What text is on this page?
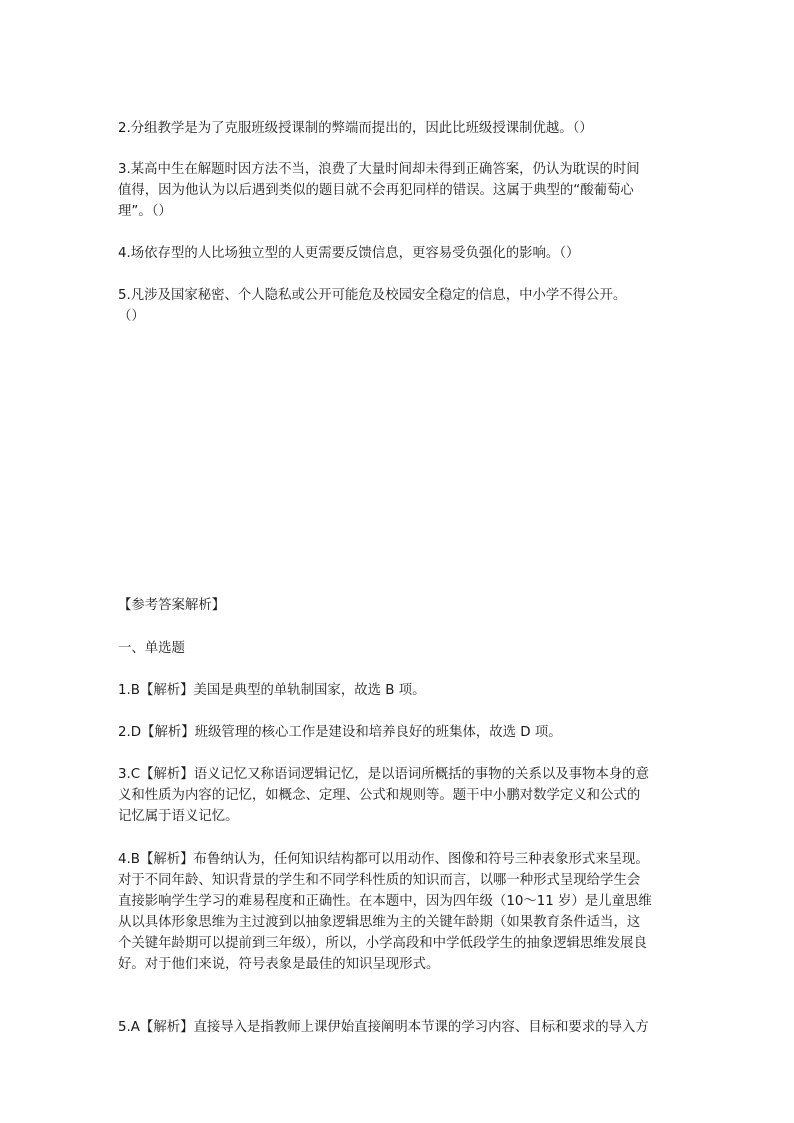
2.分组教学是为了克服班级授课制的弊端而提出的，因此比班级授课制优越。（）

3.某高中生在解题时因方法不当，浪费了大量时间却未得到正确答案，仍认为耽误的时间
值得，因为他认为以后遇到类似的题目就不会再犯同样的错误。这属于典型的“酸葡萄心
理”。（）

4.场依存型的人比场独立型的人更需要反馈信息，更容易受负强化的影响。（）

5.凡涉及国家秘密、个人隐私或公开可能危及校园安全稳定的信息，中小学不得公开。
（）

【参考答案解析】

一、单选题

1.B【解析】美国是典型的单轨制国家，故选 B 项。

2.D【解析】班级管理的核心工作是建设和培养良好的班集体，故选 D 项。

3.C【解析】语义记忆又称语词逻辑记忆，是以语词所概括的事物的关系以及事物本身的意
义和性质为内容的记忆，如概念、定理、公式和规则等。题干中小鹏对数学定义和公式的
记忆属于语义记忆。

4.B【解析】布鲁纳认为，任何知识结构都可以用动作、图像和符号三种表象形式来呈现。
对于不同年龄、知识背景的学生和不同学科性质的知识而言，以哪一种形式呈现给学生会
直接影响学生学习的难易程度和正确性。在本题中，因为四年级（10～11 岁）是儿童思维
从以具体形象思维为主过渡到以抽象逻辑思维为主的关键年龄期（如果教育条件适当，这
个关键年龄期可以提前到三年级），所以，小学高段和中学低段学生的抽象逻辑思维发展良
好。对于他们来说，符号表象是最佳的知识呈现形式。

5.A【解析】直接导入是指教师上课伊始直接阐明本节课的学习内容、目标和要求的导入方
